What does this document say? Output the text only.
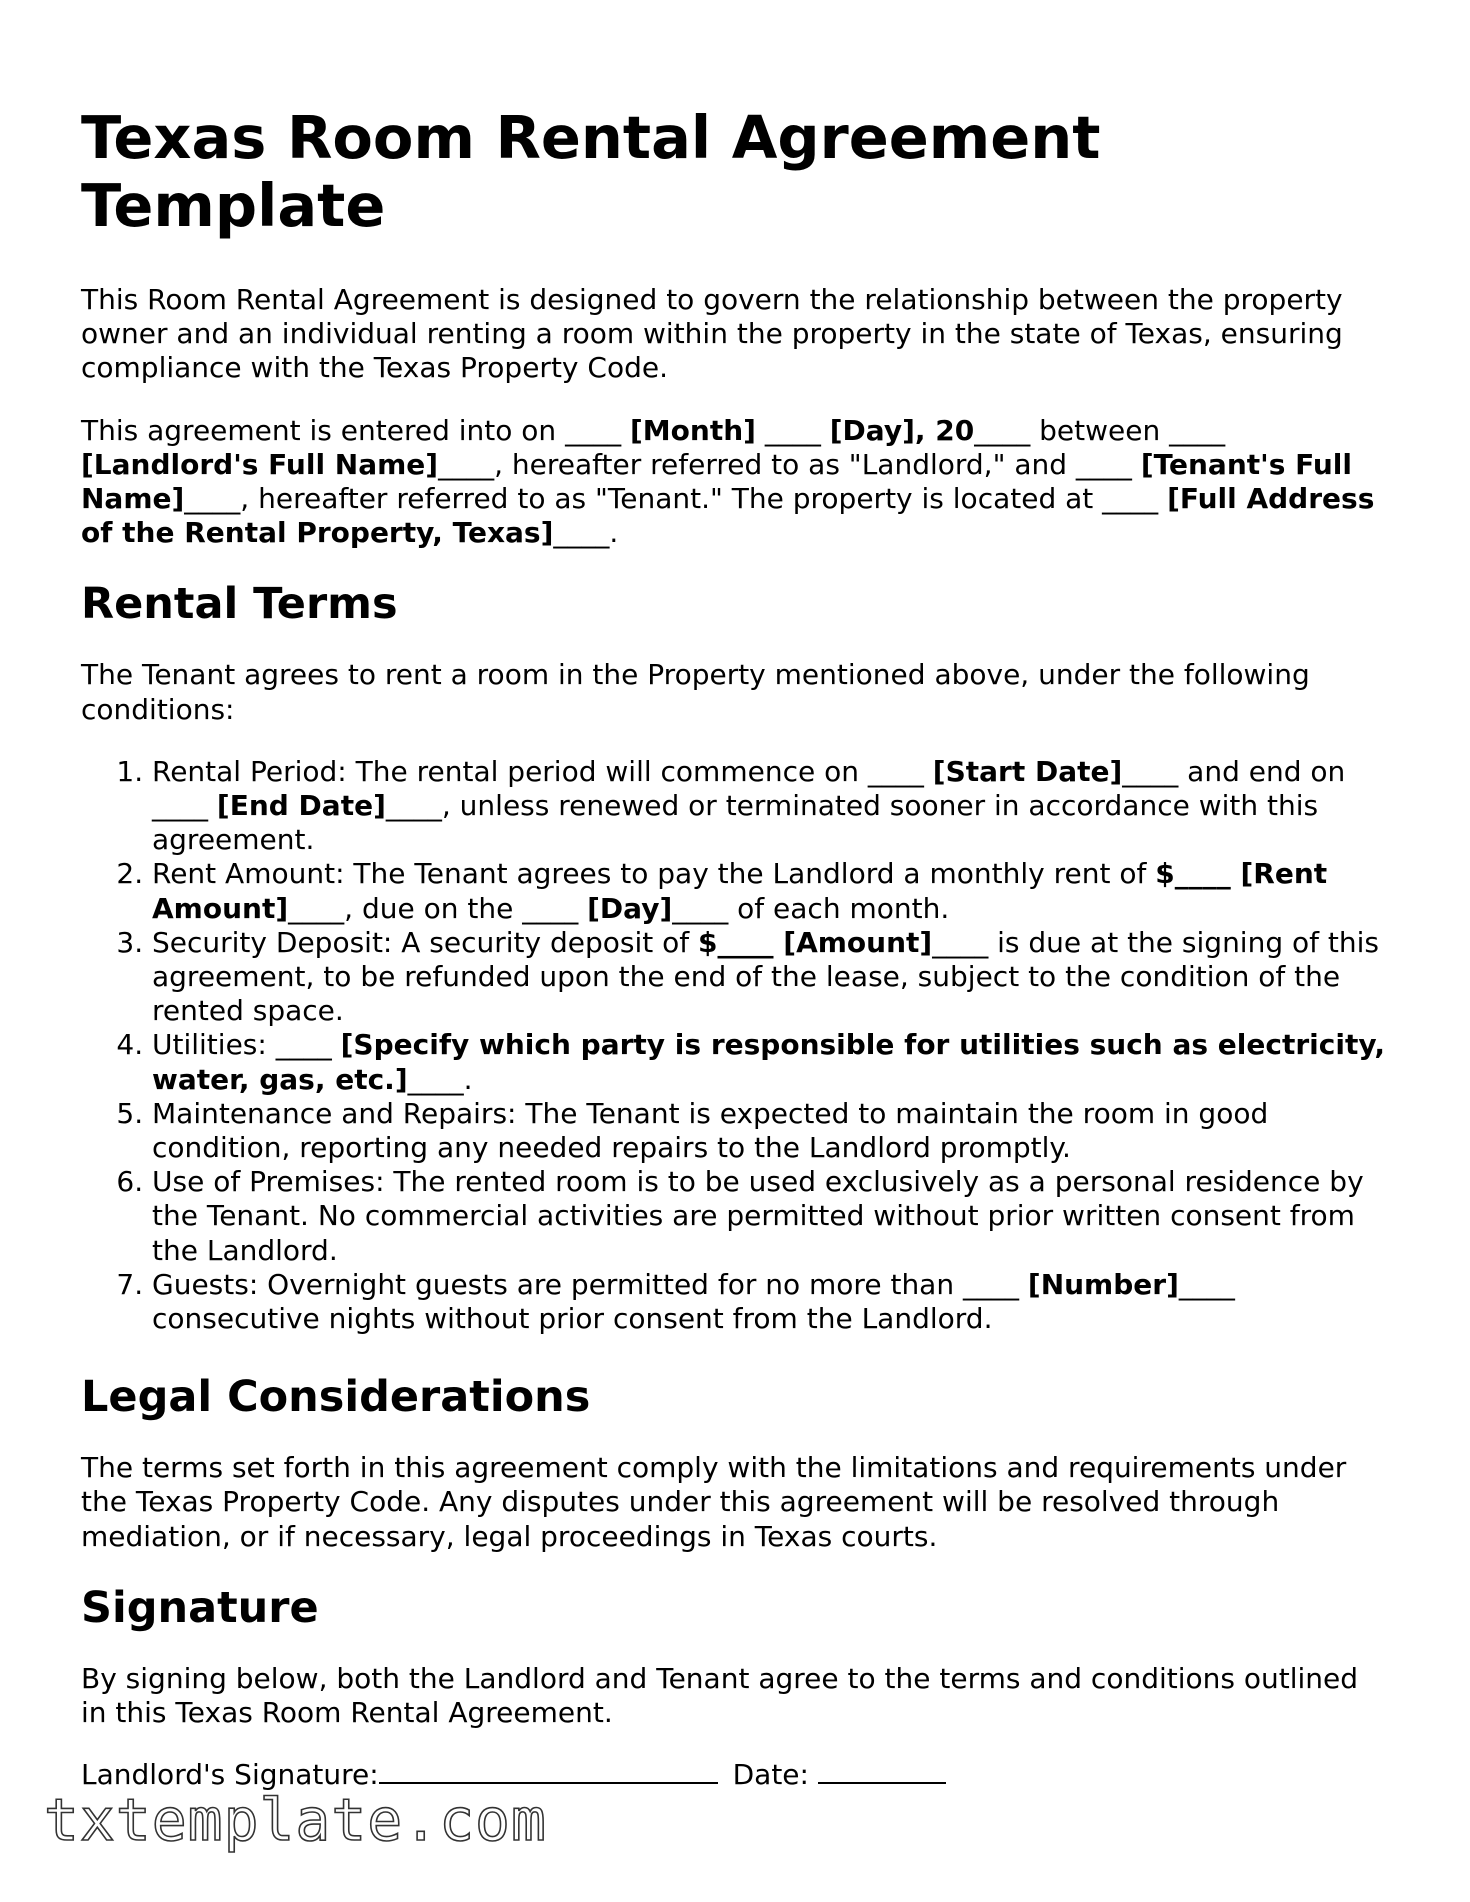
Texas Room Rental Agreement Template

This Room Rental Agreement is designed to govern the relationship between the property owner and an individual renting a room within the property in the state of Texas, ensuring compliance with the Texas Property Code.

This agreement is entered into on ____ [Month] ____ [Day], 20____ between ____ [Landlord's Full Name]____, hereafter referred to as "Landlord," and ____ [Tenant's Full Name]____, hereafter referred to as "Tenant." The property is located at ____ [Full Address of the Rental Property, Texas]____.

Rental Terms

The Tenant agrees to rent a room in the Property mentioned above, under the following conditions:

1. Rental Period: The rental period will commence on ____ [Start Date]____ and end on ____ [End Date]____, unless renewed or terminated sooner in accordance with this agreement.
2. Rent Amount: The Tenant agrees to pay the Landlord a monthly rent of $____ [Rent Amount]____, due on the ____ [Day]____ of each month.
3. Security Deposit: A security deposit of $____ [Amount]____ is due at the signing of this agreement, to be refunded upon the end of the lease, subject to the condition of the rented space.
4. Utilities: ____ [Specify which party is responsible for utilities such as electricity, water, gas, etc.]____.
5. Maintenance and Repairs: The Tenant is expected to maintain the room in good condition, reporting any needed repairs to the Landlord promptly.
6. Use of Premises: The rented room is to be used exclusively as a personal residence by the Tenant. No commercial activities are permitted without prior written consent from the Landlord.
7. Guests: Overnight guests are permitted for no more than ____ [Number]____ consecutive nights without prior consent from the Landlord.
Legal Considerations

The terms set forth in this agreement comply with the limitations and requirements under the Texas Property Code. Any disputes under this agreement will be resolved through mediation, or if necessary, legal proceedings in Texas courts.

Signature

By signing below, both the Landlord and Tenant agree to the terms and conditions outlined in this Texas Room Rental Agreement.

Landlord's Signature:	Date:
txtemplate.com
